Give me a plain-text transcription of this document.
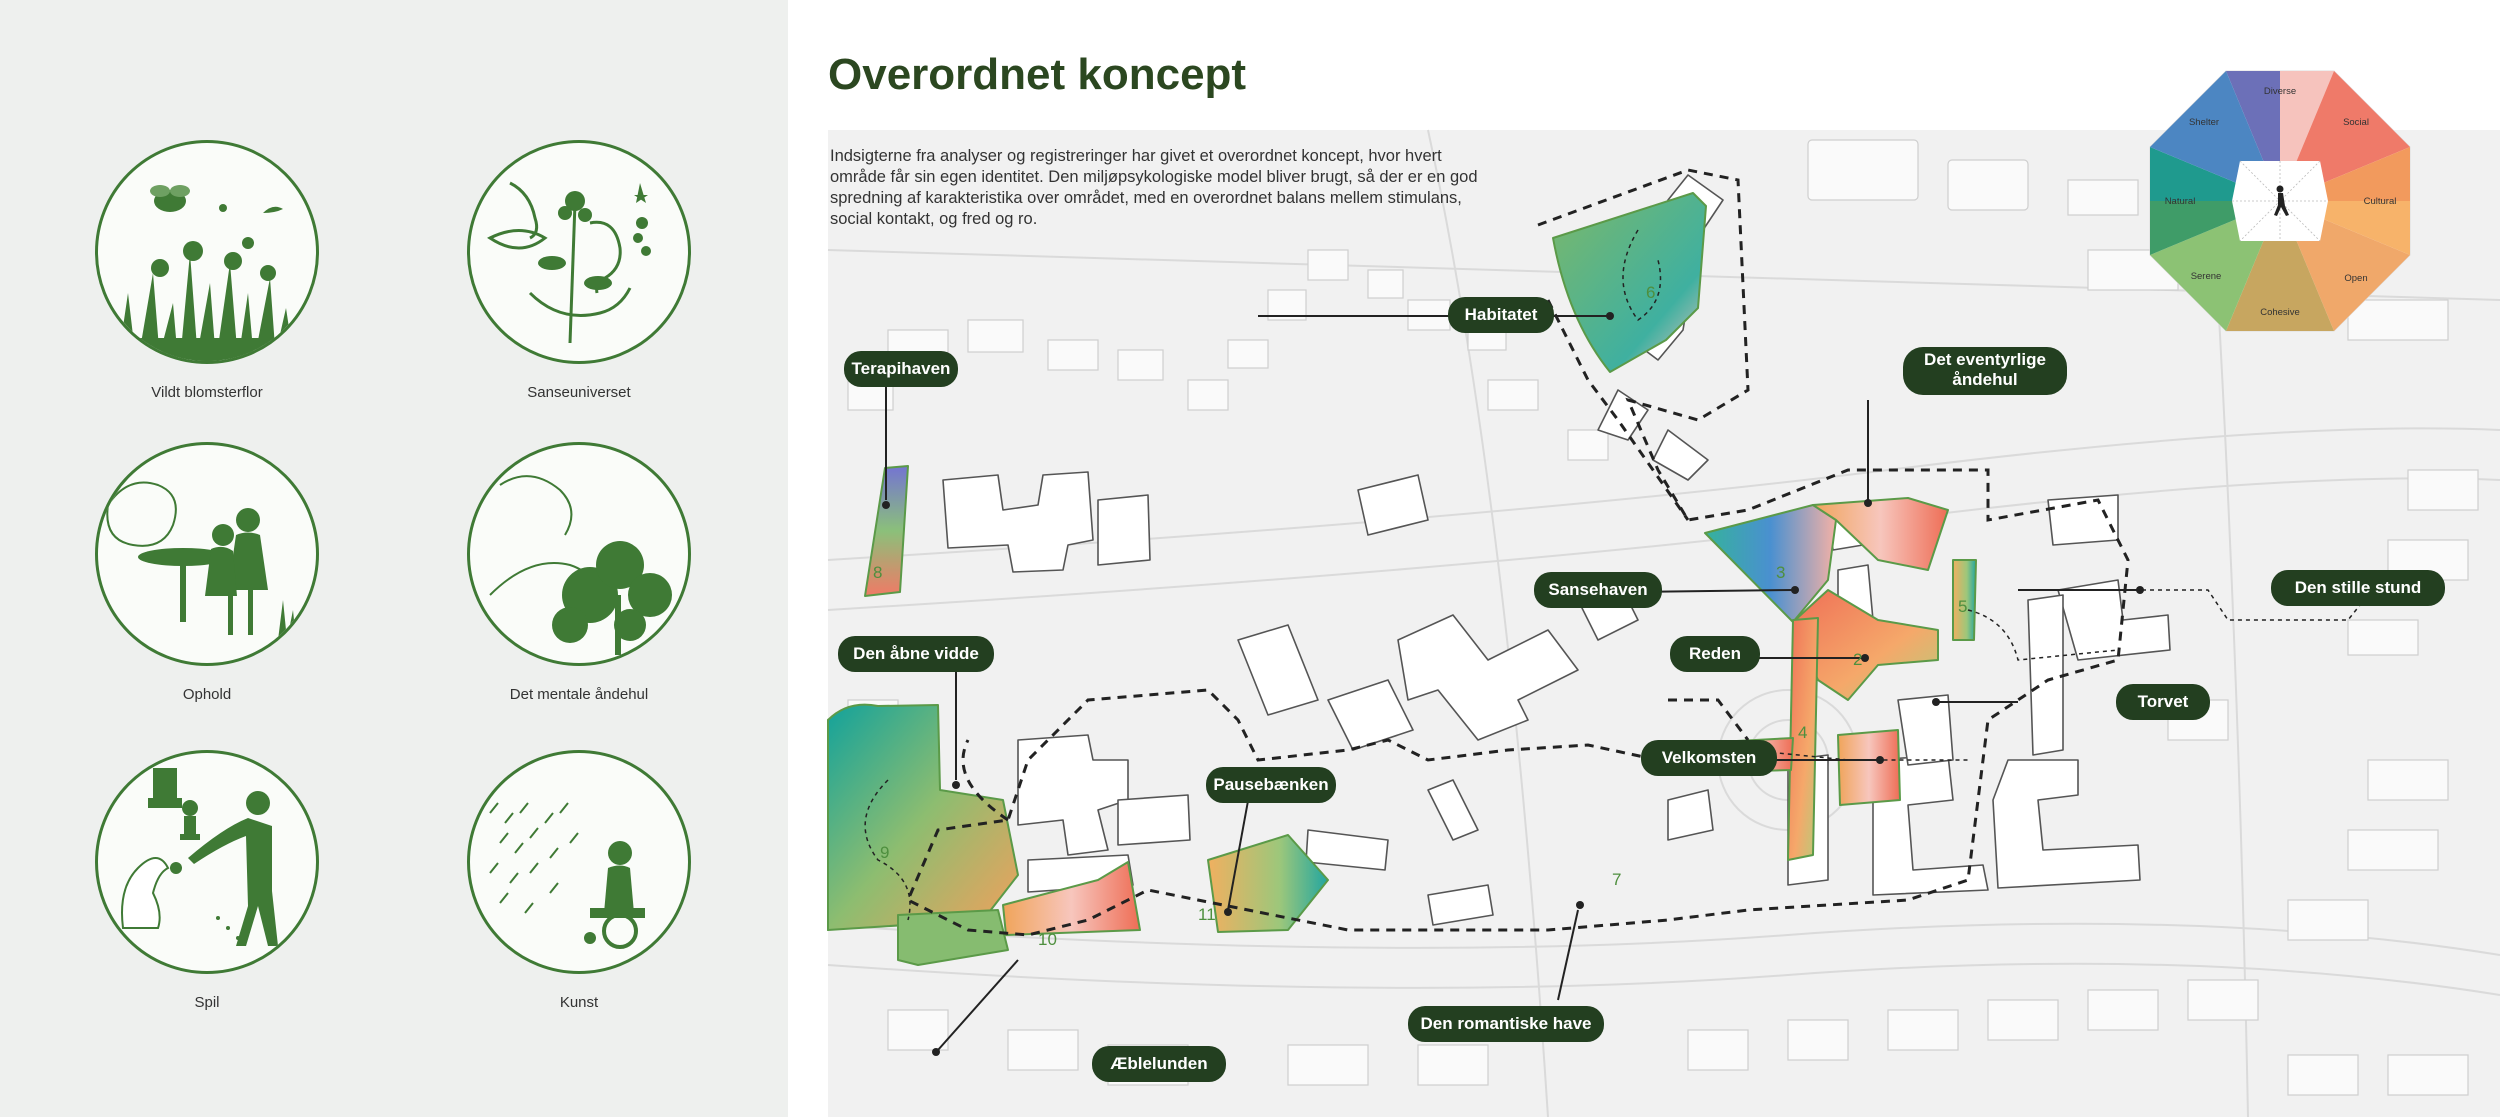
Vildt blomsterflor	Sanseuniverset
Ophold	Det mentale åndehul
Spil	Kunst
6
8	3
2
5
4
9
10
11
7
Diverse
Social
Cultural
Open
Cohesive
Serene
Natural
Shelter
Overordnet koncept

Indsigterne fra analyser og registreringer har givet et overordnet koncept, hvor hvert område får sin egen identitet. Den miljøpsykologiske model bliver brugt, så der er en god spredning af karakteristika over området, med en overordnet balans mellem stimulans, social kontakt, og fred og ro.

Habitatet
Terapihaven	Det eventyrlige
åndehul
Sansehaven
Reden
Den stille stund
Den åbne vidde
Torvet
Velkomsten
Pausebænken
Den romantiske have
Æblelunden
